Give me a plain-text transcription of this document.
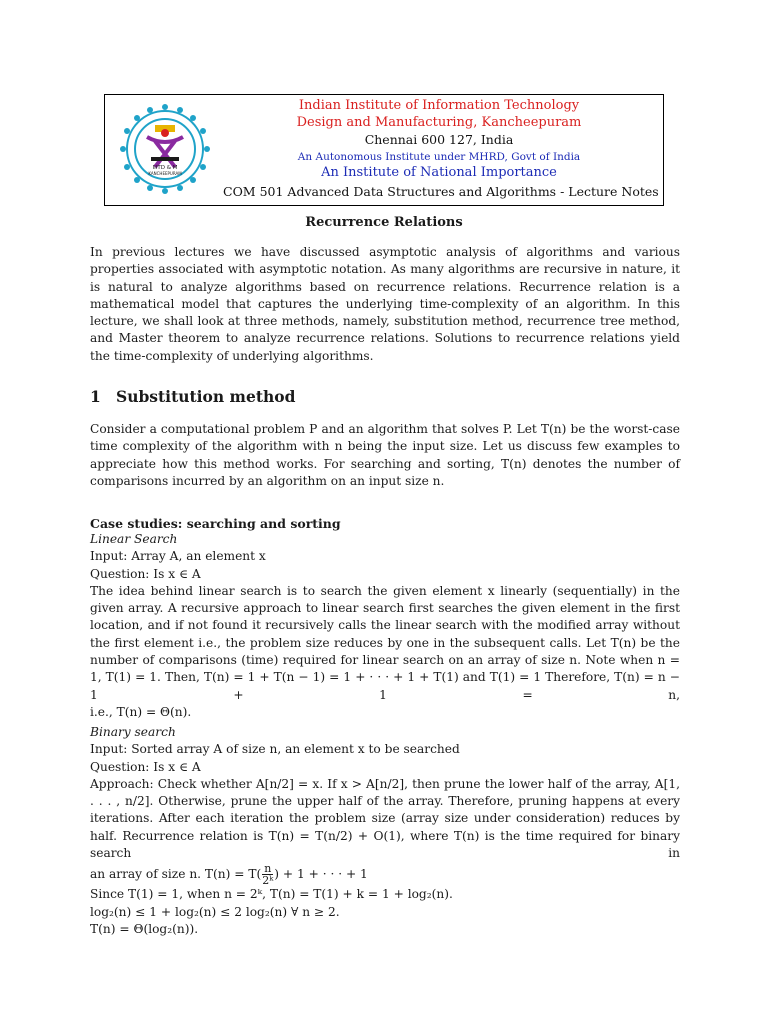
IIITD & M
KANCHEEPURAM
Indian Institute of Information Technology
Design and Manufacturing, Kancheepuram
Chennai 600 127, India
An Autonomous Institute under MHRD, Govt of India
An Institute of National Importance
COM 501 Advanced Data Structures and Algorithms - Lecture Notes
Recurrence Relations

In previous lectures we have discussed asymptotic analysis of algorithms and various properties associated with asymptotic notation. As many algorithms are recursive in nature, it is natural to analyze algorithms based on recurrence relations. Recurrence relation is a mathematical model that captures the underlying time-complexity of an algorithm. In this lecture, we shall look at three methods, namely, substitution method, recurrence tree method, and Master theorem to analyze recurrence relations. Solutions to recurrence relations yield the time-complexity of underlying algorithms.

1 Substitution method

Consider a computational problem P and an algorithm that solves P. Let T(n) be the worst-case time complexity of the algorithm with n being the input size. Let us discuss few examples to appreciate how this method works. For searching and sorting, T(n) denotes the number of comparisons incurred by an algorithm on an input size n.

Case studies: searching and sorting
Linear Search
Input: Array A, an element x
Question: Is x ∈ A
The idea behind linear search is to search the given element x linearly (sequentially) in the given array. A recursive approach to linear search first searches the given element in the first location, and if not found it recursively calls the linear search with the modified array without the first element i.e., the problem size reduces by one in the subsequent calls. Let T(n) be the number of comparisons (time) required for linear search on an array of size n. Note when n = 1, T(1) = 1. Then, T(n) = 1 + T(n − 1) = 1 + · · · + 1 + T(1) and T(1) = 1 Therefore, T(n) = n − 1 + 1 = n,
i.e., T(n) = Θ(n).
Binary search
Input: Sorted array A of size n, an element x to be searched
Question: Is x ∈ A
Approach: Check whether A[n/2] = x. If x > A[n/2], then prune the lower half of the array, A[1, . . . , n/2]. Otherwise, prune the upper half of the array. Therefore, pruning happens at every iterations. After each iteration the problem size (array size under consideration) reduces by half. Recurrence relation is T(n) = T(n/2) + O(1), where T(n) is the time required for binary search in
an array of size n. $T(n) = T( \frac{n}{\text{2ᵏ}}$ ) + 1 + · · · + 1
Since T(1) = 1, when n = 2ᵏ, T(n) = T(1) + k = 1 + log₂(n).
log₂(n) ≤ 1 + log₂(n) ≤ 2 log₂(n) ∀ n ≥ 2.
T(n) = Θ(log₂(n)).
